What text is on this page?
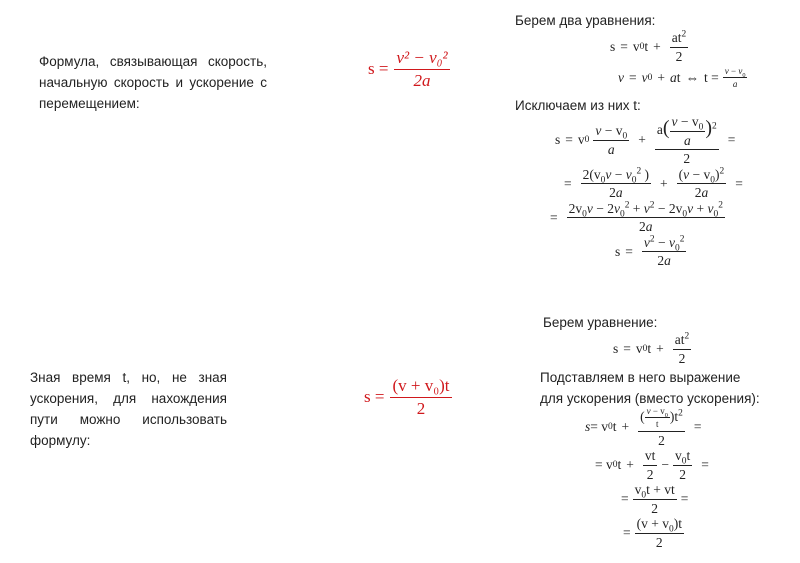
Формула, связывающая скорость, начальную скорость и ускорение с перемещением:
Зная время t, но, не зная ускорения, для нахождения пути можно использовать формулу:
$s = \frac{\text{v² − v₀²}}{2a}$
$s = \frac{\text{(v + v₀)t}}{2}$
Берем два уравнения:
s = v 0 $t + \frac{at^2}{2}$
v = v 0 + a t ⇔ $t = \frac{v - v_0}{a}$
Исключаем из них t:
s = v $0 \frac{v - v_0}{a} + \frac{a( \frac{v - v_0}{a} )^2}{2}$ =
= $\frac{2(v_0v - v_0^2 )}{2a} + \frac{(v - v_0)^2}{2a}$ =
= $\frac{2v_0v - 2v_0^2 + v^2 - 2v_0v + v_0^2}{2a}$
$s = \frac{v^2 - v_0^2}{2a}$
Берем уравнение:
s = v 0 $t + \frac{at^2}{2}$
Подставляем в него выражение
для ускорения (вместо ускорения):
s = v 0 $t + \frac{( \frac{v - v_0}{t} )t^2}{2}$ =
= v 0 $t + \frac{vt}{2} - \frac{v_0t}{2}$ =
= $\frac{v_0t + vt}{2}$ =
= $\frac{(v + v_0)t}{2}$
